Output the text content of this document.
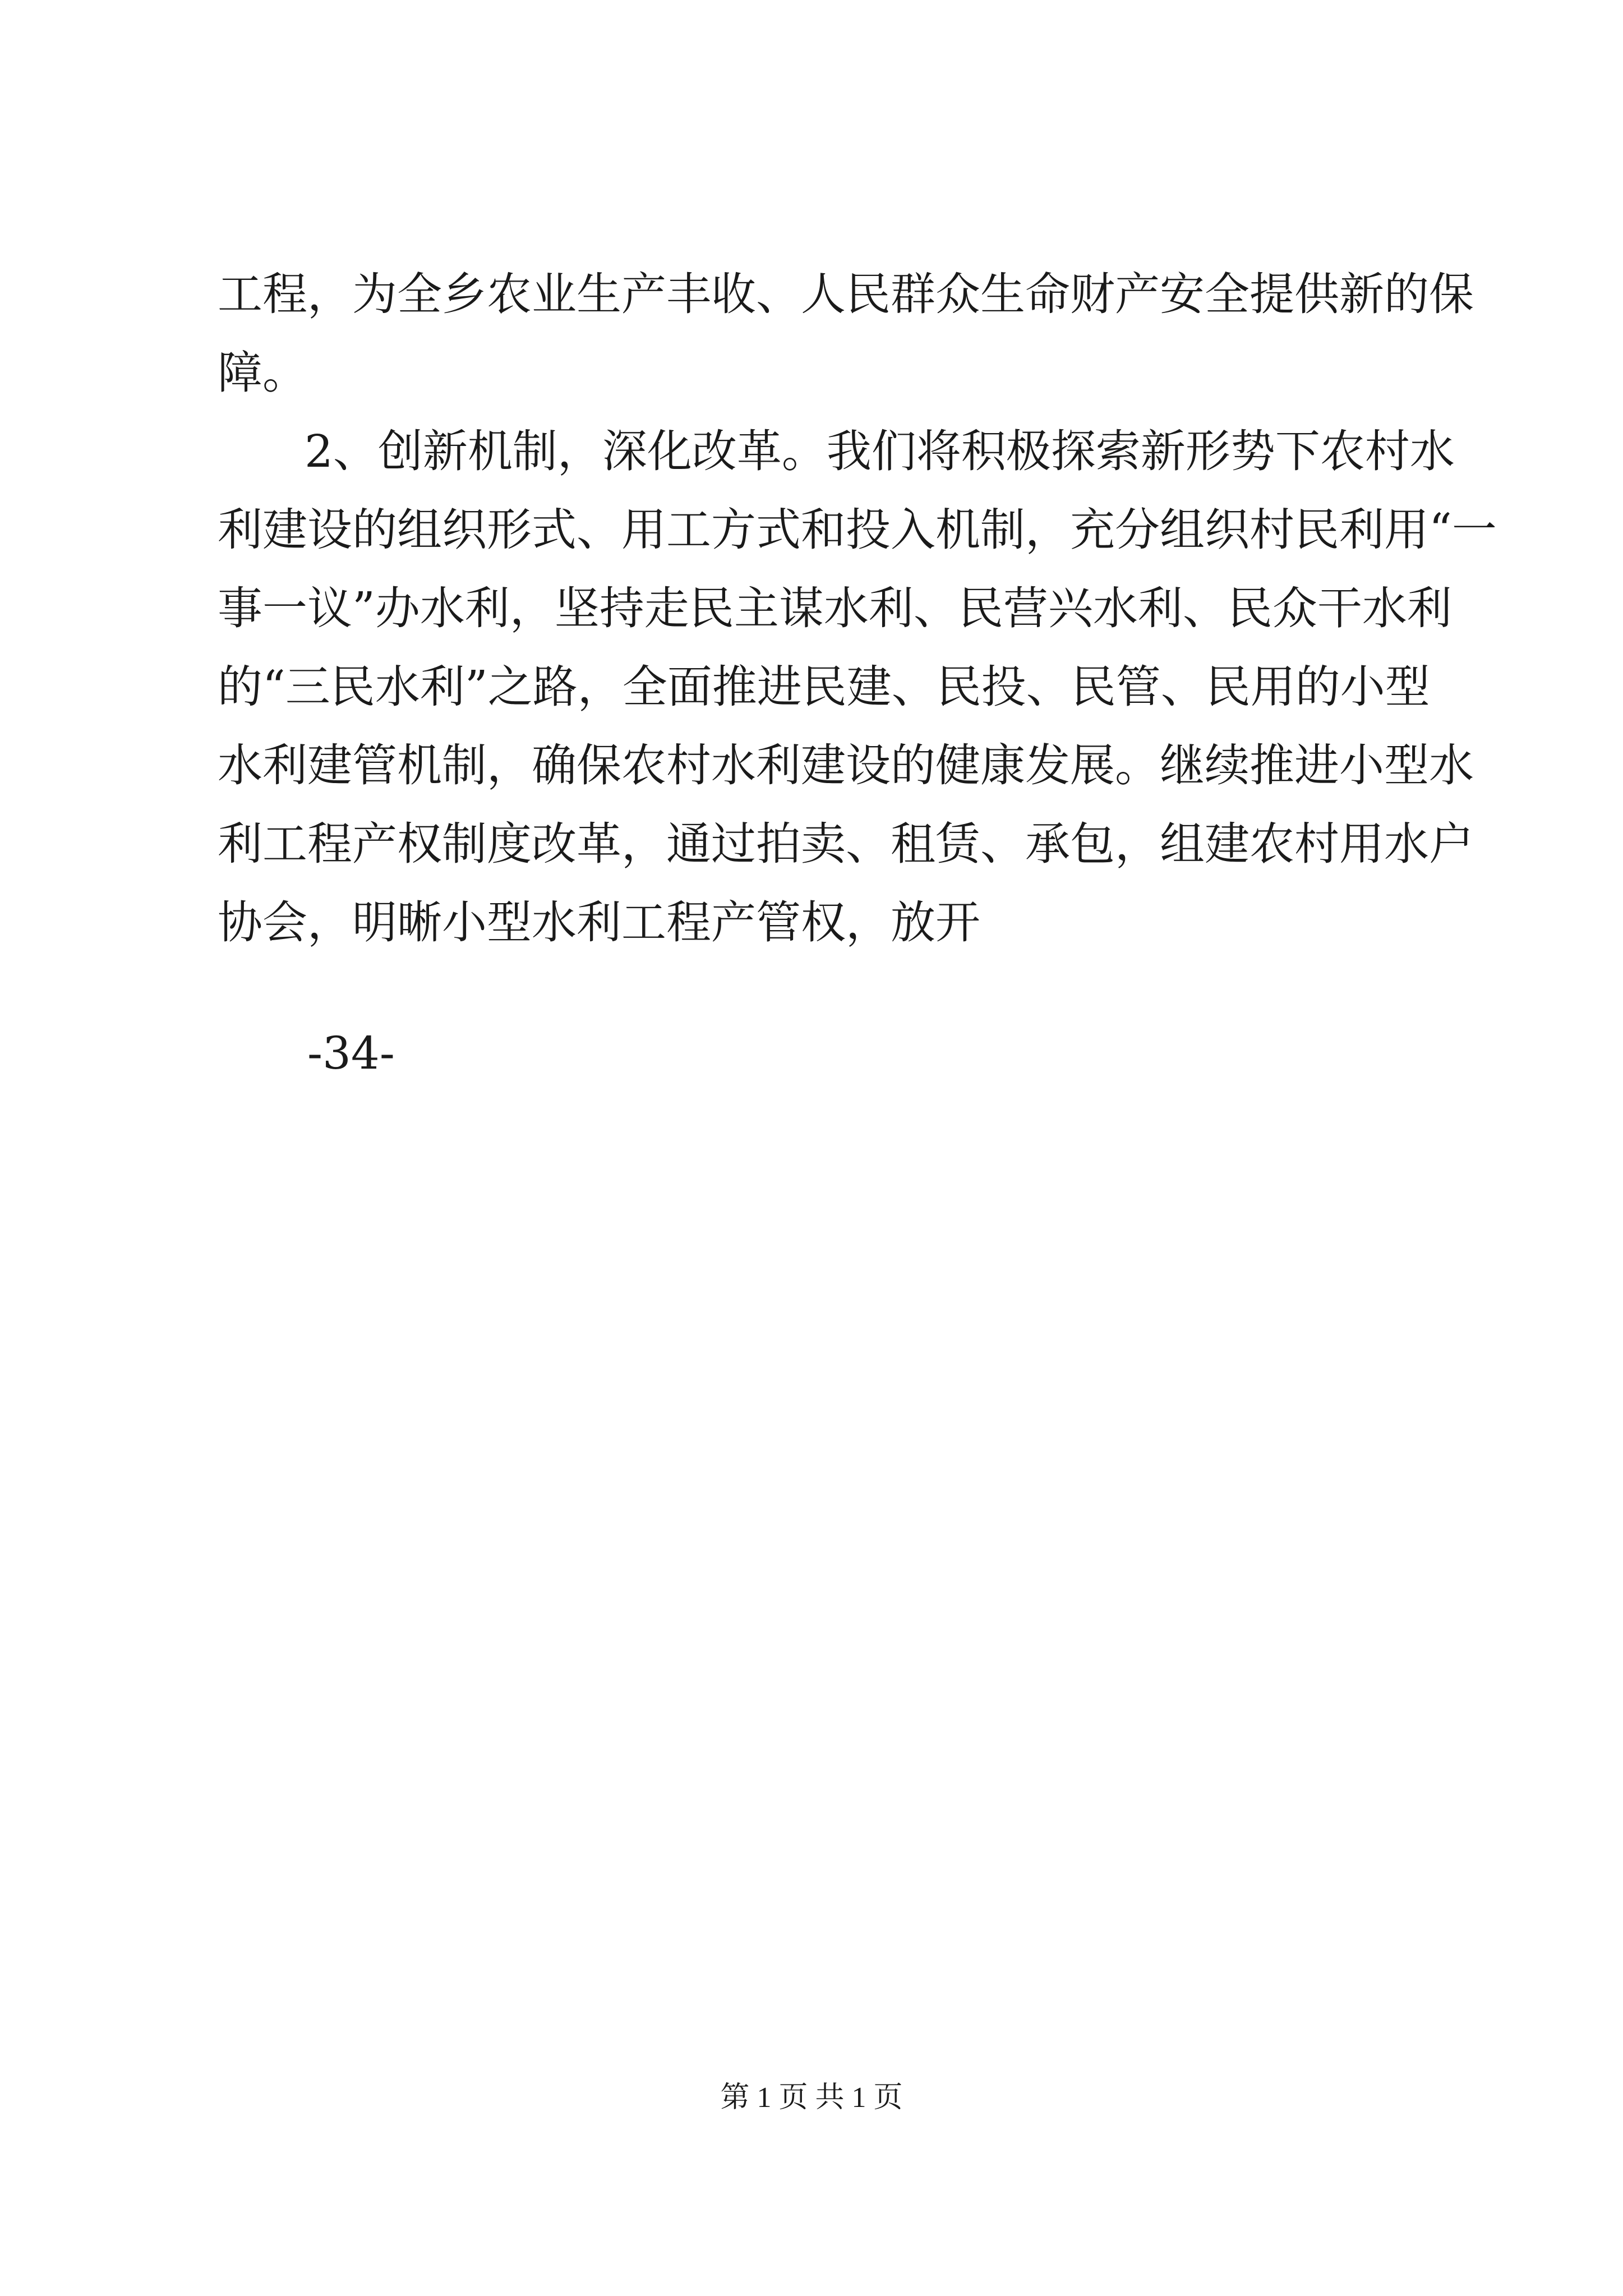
工程，为全乡农业生产丰收、人民群众生命财产安全提供新的保
障。
2、创新机制，深化改革。我们将积极探索新形势下农村水
利建设的组织形式、用工方式和投入机制，充分组织村民利用“一
事一议”办水利，坚持走民主谋水利、民营兴水利、民众干水利
的“三民水利”之路，全面推进民建、民投、民管、民用的小型
水利建管机制，确保农村水利建设的健康发展。继续推进小型水
利工程产权制度改革，通过拍卖、租赁、承包，组建农村用水户
协会，明晰小型水利工程产管权，放开
-34-
第 1 页 共 1 页
